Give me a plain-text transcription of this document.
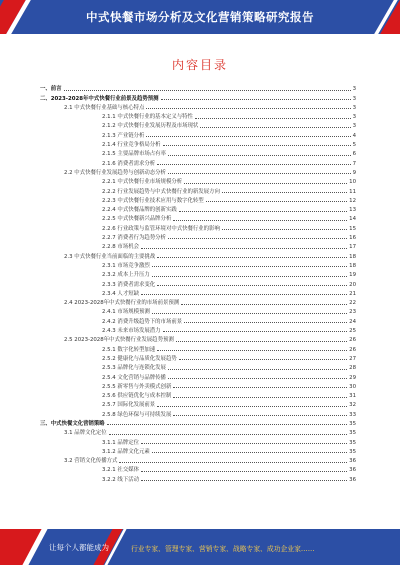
中式快餐市场分析及文化营销策略研究报告
内容目录
一、前言	3
二、2023-2028年中式快餐行业前景及趋势预测	3
2.1 中式快餐行业基础与核心特点	3
2.1.1 中式快餐行业的基本定义与特性	3
2.1.2 中式快餐行业发展历程及市场现状	3
2.1.3 产业链分析	4
2.1.4 行业竞争格局分析	5
2.1.5 主要品牌市场占有率	6
2.1.6 消费者需求分析	7
2.2 中式快餐行业发展趋势与创新动态分析	9
2.2.1 中式快餐行业市场规模分析	10
2.2.2 行业发展趋势与中式快餐行业的新发展方向	11
2.2.3 中式快餐行业技术应用与数字化转型	12
2.2.4 中式快餐品牌的创新实践	13
2.2.5 中式快餐新兴品牌分析	14
2.2.6 行业政策与监管环境对中式快餐行业的影响	15
2.2.7 消费者行为趋势分析	16
2.2.8 市场机会	17
2.3 中式快餐行业当前面临的主要挑战	18
2.3.1 市场竞争激烈	18
2.3.2 成本上升压力	19
2.3.3 消费者需求变化	20
2.3.4 人才短缺	21
2.4 2023-2028年中式快餐行业的市场前景预测	22
2.4.1 市场规模预测	23
2.4.2 消费升级趋势下的市场前景	24
2.4.3 未来市场发展潜力	25
2.5 2023-2028年中式快餐行业发展趋势预测	26
2.5.1 数字化转型加速	26
2.5.2 健康化与品质化发展趋势	27
2.5.3 品牌化与连锁化发展	28
2.5.4 文化营销与品牌传播	29
2.5.5 新零售与外卖模式创新	30
2.5.6 供应链优化与成本控制	31
2.5.7 国际化发展前景	32
2.5.8 绿色环保与可持续发展	33
三、中式快餐文化营销策略	35
3.1 品牌文化定位	35
3.1.1 品牌定位	35
3.1.2 品牌文化元素	35
3.2 营销文化传播方式	36
3.2.1 社交媒体	36
3.2.2 线下活动	36
让每个人都能成为	行业专家、管理专家、营销专家、战略专家、成功企业家……
